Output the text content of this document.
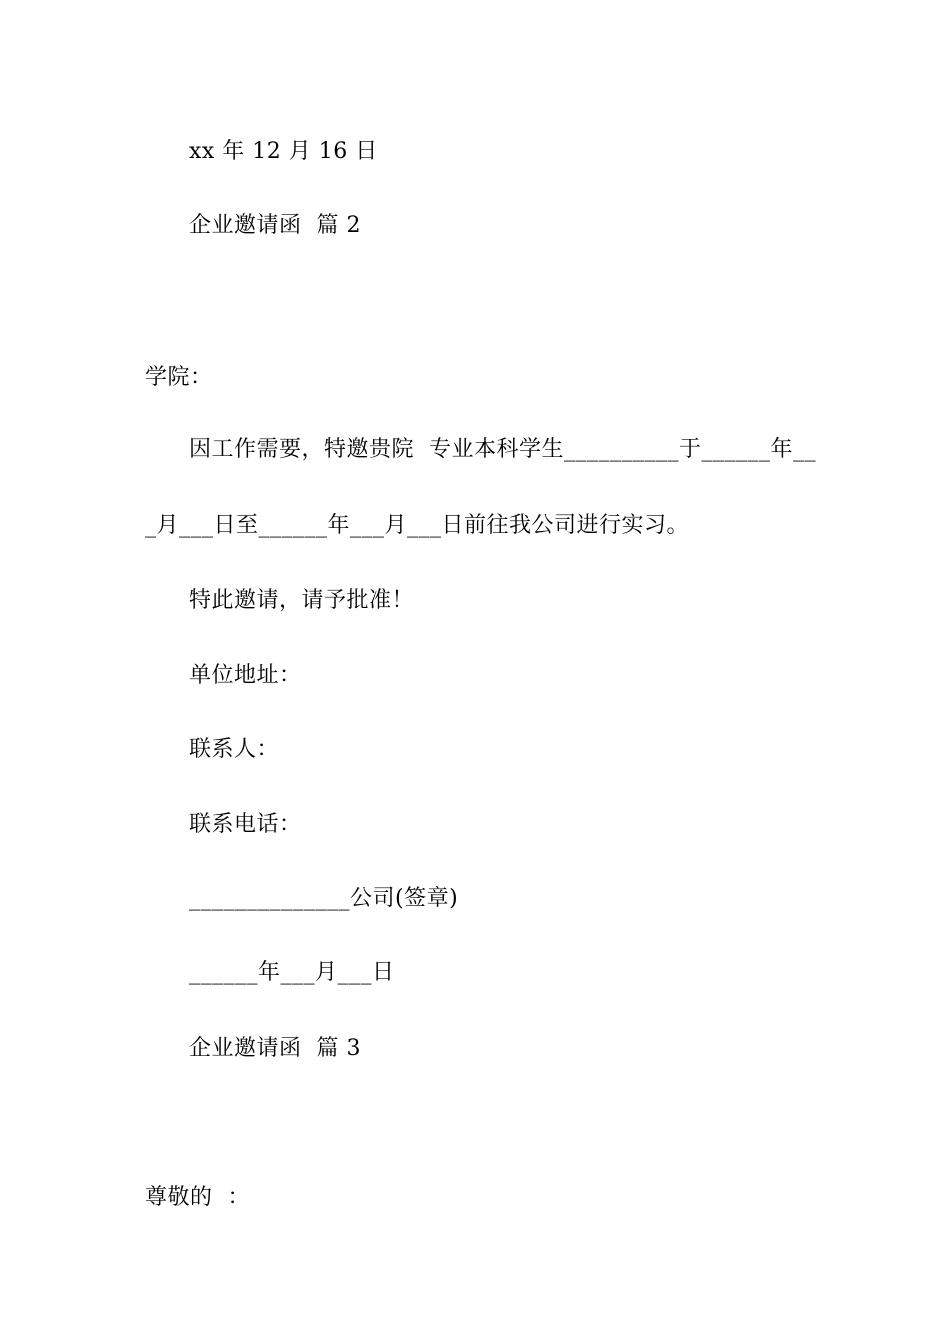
xx 年 12 月 16 日
企业邀请函  篇 2
学院：
因工作需要，特邀贵院  专业本科学生__________于______年__
_月___日至______年___月___日前往我公司进行实习。
特此邀请，请予批准！
单位地址：
联系人：
联系电话：
______________公司(签章)
______年___月___日
企业邀请函  篇 3
尊敬的  ：
